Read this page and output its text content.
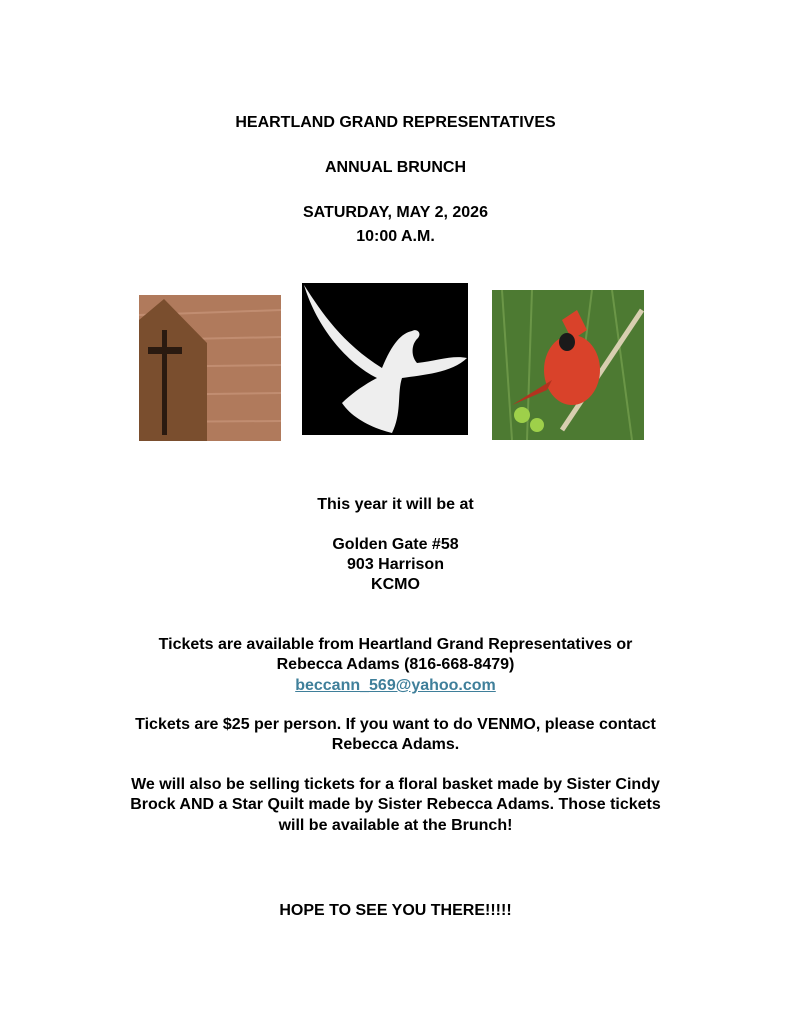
HEARTLAND GRAND REPRESENTATIVES
ANNUAL BRUNCH
SATURDAY, MAY 2, 2026
10:00 A.M.
This year it will be at
Golden Gate #58
903 Harrison
KCMO
Tickets are available from Heartland Grand Representatives or
Rebecca Adams (816-668-8479)
beccann_569@yahoo.com
Tickets are $25 per person. If you want to do VENMO, please contact
Rebecca Adams.
We will also be selling tickets for a floral basket made by Sister Cindy
Brock AND a Star Quilt made by Sister Rebecca Adams. Those tickets
will be available at the Brunch!
HOPE TO SEE YOU THERE!!!!!
